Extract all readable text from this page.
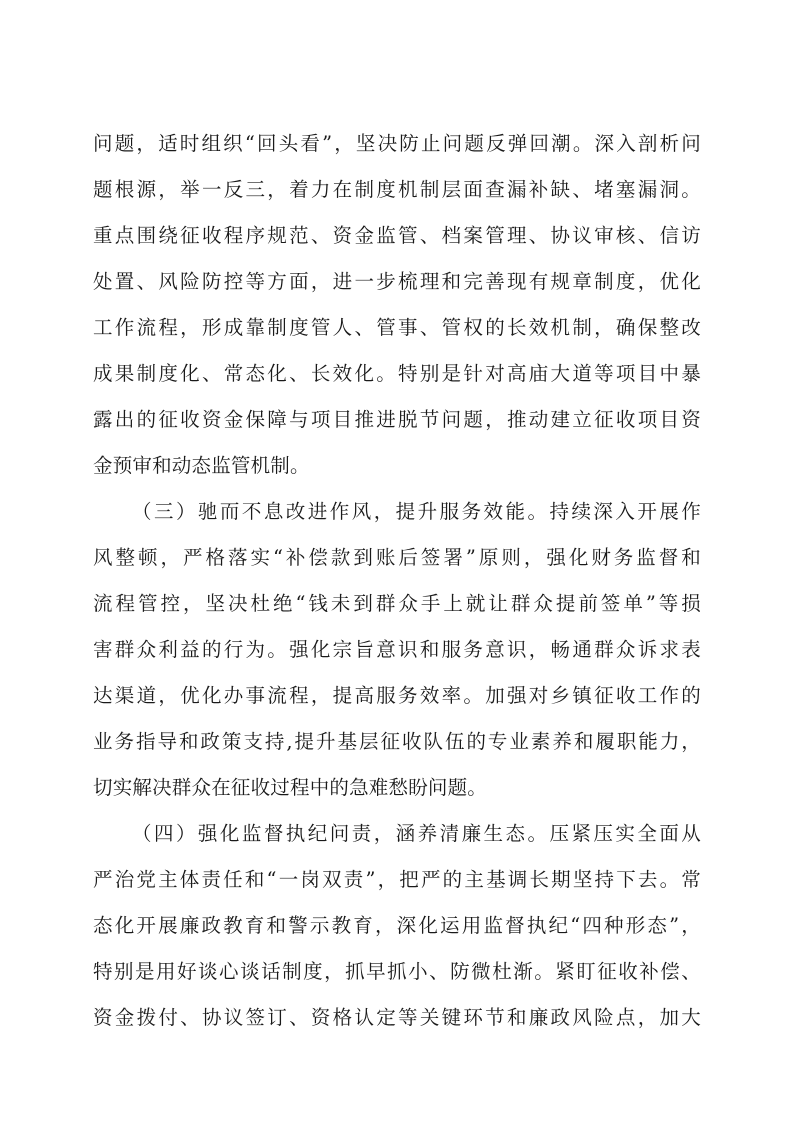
问题，适时组织“回头看”，坚决防止问题反弹回潮。深入剖析问
题根源，举一反三，着力在制度机制层面查漏补缺、堵塞漏洞。
重点围绕征收程序规范、资金监管、档案管理、协议审核、信访
处置、风险防控等方面，进一步梳理和完善现有规章制度，优化
工作流程，形成靠制度管人、管事、管权的长效机制，确保整改
成果制度化、常态化、长效化。特别是针对高庙大道等项目中暴
露出的征收资金保障与项目推进脱节问题，推动建立征收项目资
金预审和动态监管机制。
（三）驰而不息改进作风，提升服务效能。持续深入开展作
风整顿，严格落实“补偿款到账后签署”原则，强化财务监督和
流程管控，坚决杜绝“钱未到群众手上就让群众提前签单”等损
害群众利益的行为。强化宗旨意识和服务意识，畅通群众诉求表
达渠道，优化办事流程，提高服务效率。加强对乡镇征收工作的
业务指导和政策支持,提升基层征收队伍的专业素养和履职能力，
切实解决群众在征收过程中的急难愁盼问题。
（四）强化监督执纪问责，涵养清廉生态。压紧压实全面从
严治党主体责任和“一岗双责”，把严的主基调长期坚持下去。常
态化开展廉政教育和警示教育，深化运用监督执纪“四种形态”，
特别是用好谈心谈话制度，抓早抓小、防微杜渐。紧盯征收补偿、
资金拨付、协议签订、资格认定等关键环节和廉政风险点，加大
